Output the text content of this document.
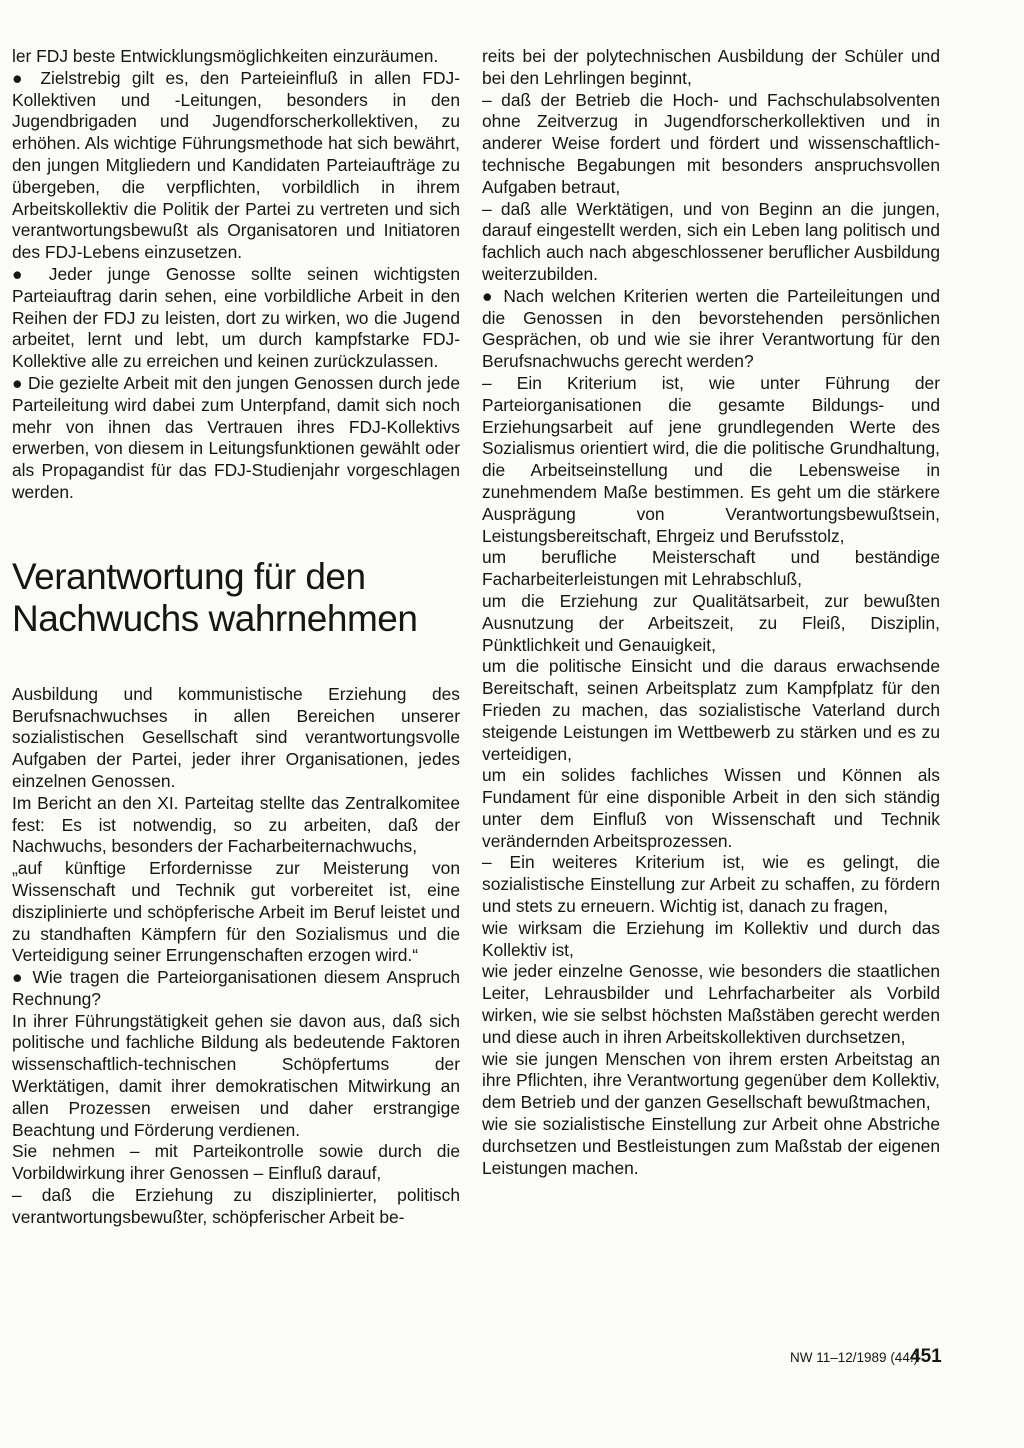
ler FDJ beste Entwicklungsmöglichkeiten einzuräumen.

● Zielstrebig gilt es, den Parteieinfluß in allen FDJ-Kollektiven und -Leitungen, besonders in den Jugendbrigaden und Jugendforscherkollektiven, zu erhöhen. Als wichtige Führungsmethode hat sich bewährt, den jungen Mitgliedern und Kandidaten Parteiaufträge zu übergeben, die verpflichten, vorbildlich in ihrem Arbeitskollektiv die Politik der Partei zu vertreten und sich verantwortungsbewußt als Organisatoren und Initiatoren des FDJ-Lebens einzusetzen.

● Jeder junge Genosse sollte seinen wichtigsten Parteiauftrag darin sehen, eine vorbildliche Arbeit in den Reihen der FDJ zu leisten, dort zu wirken, wo die Jugend arbeitet, lernt und lebt, um durch kampfstarke FDJ-Kollektive alle zu erreichen und keinen zurückzulassen.

● Die gezielte Arbeit mit den jungen Genossen durch jede Parteileitung wird dabei zum Unterpfand, damit sich noch mehr von ihnen das Vertrauen ihres FDJ-Kollektivs erwerben, von diesem in Leitungsfunktionen gewählt oder als Propagandist für das FDJ-Studienjahr vorgeschlagen werden.

Verantwortung für den Nachwuchs wahrnehmen

Ausbildung und kommunistische Erziehung des Berufsnachwuchses in allen Bereichen unserer sozialistischen Gesellschaft sind verantwortungsvolle Aufgaben der Partei, jeder ihrer Organisationen, jedes einzelnen Genossen.

Im Bericht an den XI. Parteitag stellte das Zentralkomitee fest: Es ist notwendig, so zu arbeiten, daß der Nachwuchs, besonders der Facharbeiternachwuchs,

„auf künftige Erfordernisse zur Meisterung von Wissenschaft und Technik gut vorbereitet ist, eine disziplinierte und schöpferische Arbeit im Beruf leistet und zu standhaften Kämpfern für den Sozialismus und die Verteidigung seiner Errungenschaften erzogen wird.“

● Wie tragen die Parteiorganisationen diesem Anspruch Rechnung?

In ihrer Führungstätigkeit gehen sie davon aus, daß sich politische und fachliche Bildung als bedeutende Faktoren wissenschaftlich-technischen Schöpfertums der Werktätigen, damit ihrer demokratischen Mitwirkung an allen Prozessen erweisen und daher erstrangige Beachtung und Förderung verdienen.

Sie nehmen – mit Parteikontrolle sowie durch die Vorbildwirkung ihrer Genossen – Einfluß darauf,

– daß die Erziehung zu disziplinierter, politisch verantwortungsbewußter, schöpferischer Arbeit be-

reits bei der polytechnischen Ausbildung der Schüler und bei den Lehrlingen beginnt,

– daß der Betrieb die Hoch- und Fachschulabsolventen ohne Zeitverzug in Jugendforscherkollektiven und in anderer Weise fordert und fördert und wissenschaftlich-technische Begabungen mit besonders anspruchsvollen Aufgaben betraut,

– daß alle Werktätigen, und von Beginn an die jungen, darauf eingestellt werden, sich ein Leben lang politisch und fachlich auch nach abgeschlossener beruflicher Ausbildung weiterzubilden.

● Nach welchen Kriterien werten die Parteileitungen und die Genossen in den bevorstehenden persönlichen Gesprächen, ob und wie sie ihrer Verantwortung für den Berufsnachwuchs gerecht werden?

– Ein Kriterium ist, wie unter Führung der Parteiorganisationen die gesamte Bildungs- und Erziehungsarbeit auf jene grundlegenden Werte des Sozialismus orientiert wird, die die politische Grundhaltung, die Arbeitseinstellung und die Lebensweise in zunehmendem Maße bestimmen. Es geht um die stärkere Ausprägung von Verantwortungsbewußtsein, Leistungsbereitschaft, Ehrgeiz und Berufsstolz,

um berufliche Meisterschaft und beständige Facharbeiterleistungen mit Lehrabschluß,

um die Erziehung zur Qualitätsarbeit, zur bewußten Ausnutzung der Arbeitszeit, zu Fleiß, Disziplin, Pünktlichkeit und Genauigkeit,

um die politische Einsicht und die daraus erwachsende Bereitschaft, seinen Arbeitsplatz zum Kampfplatz für den Frieden zu machen, das sozialistische Vaterland durch steigende Leistungen im Wettbewerb zu stärken und es zu verteidigen,

um ein solides fachliches Wissen und Können als Fundament für eine disponible Arbeit in den sich ständig unter dem Einfluß von Wissenschaft und Technik verändernden Arbeitsprozessen.

– Ein weiteres Kriterium ist, wie es gelingt, die sozialistische Einstellung zur Arbeit zu schaffen, zu fördern und stets zu erneuern. Wichtig ist, danach zu fragen,

wie wirksam die Erziehung im Kollektiv und durch das Kollektiv ist,

wie jeder einzelne Genosse, wie besonders die staatlichen Leiter, Lehrausbilder und Lehrfacharbeiter als Vorbild wirken, wie sie selbst höchsten Maßstäben gerecht werden und diese auch in ihren Arbeitskollektiven durchsetzen,

wie sie jungen Menschen von ihrem ersten Arbeitstag an ihre Pflichten, ihre Verantwortung gegenüber dem Kollektiv, dem Betrieb und der ganzen Gesellschaft bewußtmachen,

wie sie sozialistische Einstellung zur Arbeit ohne Abstriche durchsetzen und Bestleistungen zum Maßstab der eigenen Leistungen machen.

NW 11–12/1989 (44.)
451
